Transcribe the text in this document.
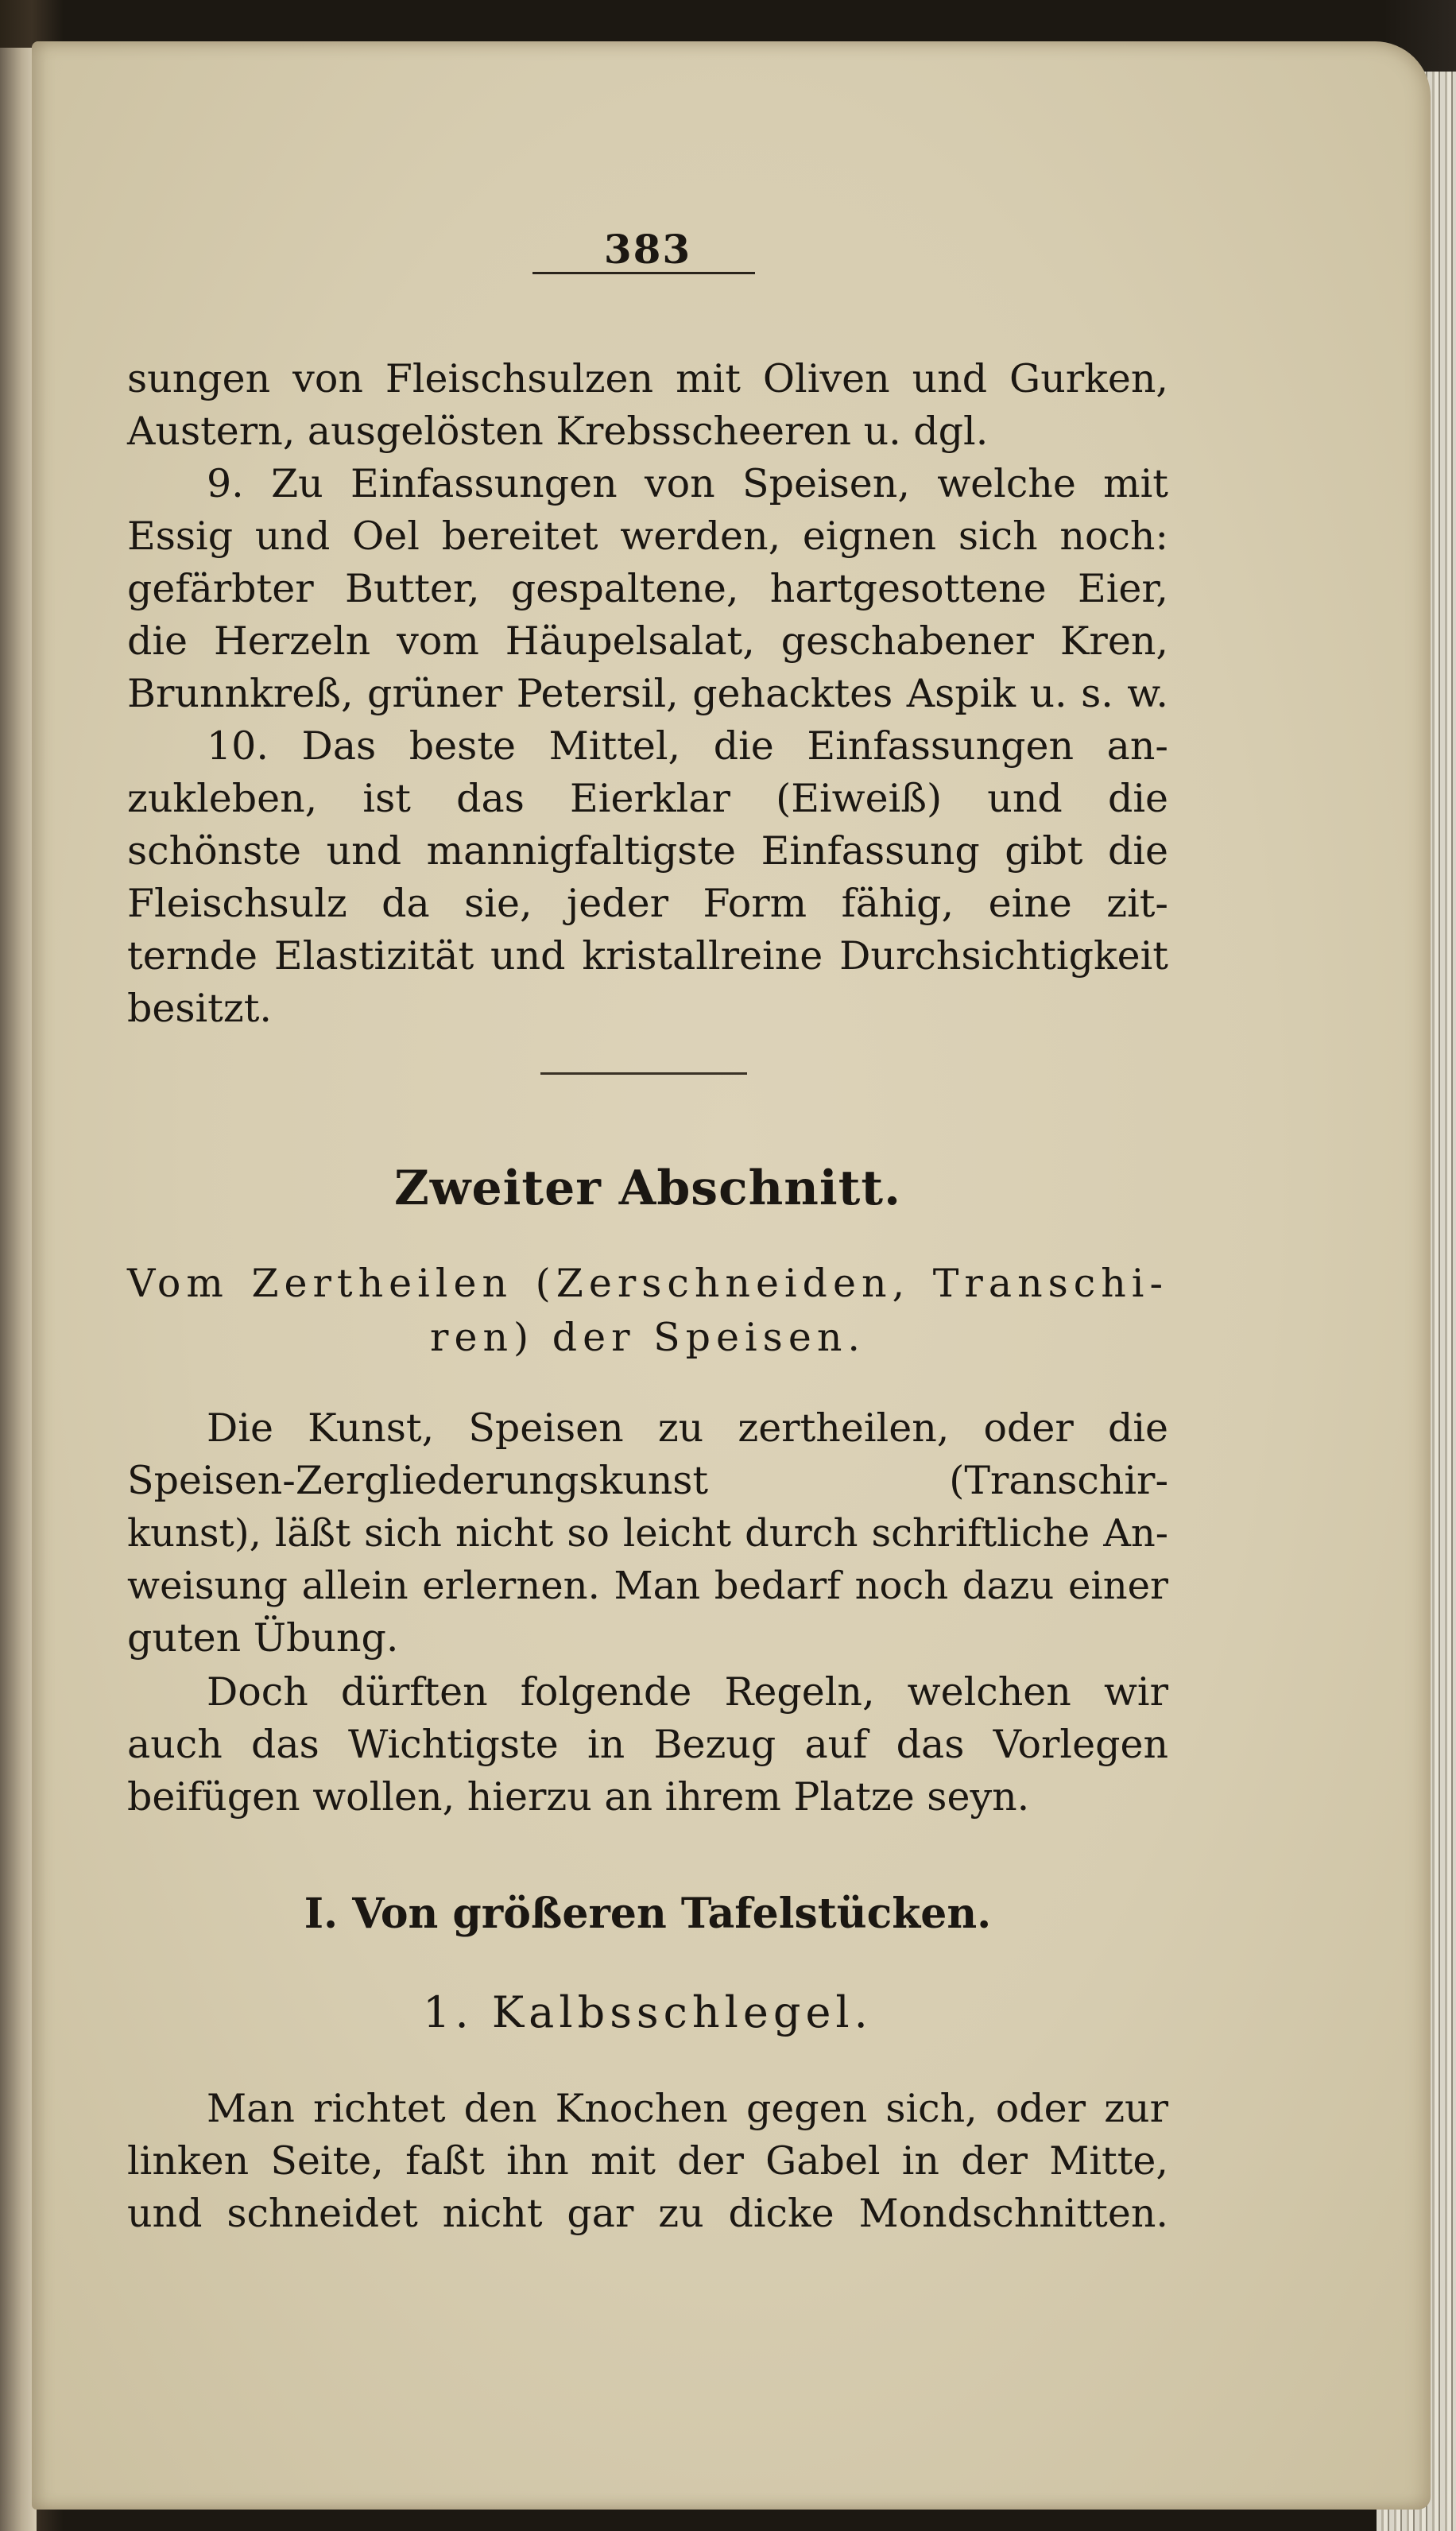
383
sungen von Fleischsulzen mit Oliven und Gurken,
Austern, ausgelösten Krebsscheeren u. dgl.
9. Zu Einfassungen von Speisen, welche mit
Essig und Oel bereitet werden, eignen sich noch:
gefärbter Butter, gespaltene, hartgesottene Eier,
die Herzeln vom Häupelsalat, geschabener Kren,
Brunnkreß, grüner Petersil, gehacktes Aspik u. s. w.
10. Das beste Mittel, die Einfassungen an-
zukleben, ist das Eierklar (Eiweiß) und die
schönste und mannigfaltigste Einfassung gibt die
Fleischsulz da sie, jeder Form fähig, eine zit-
ternde Elastizität und kristallreine Durchsichtigkeit
besitzt.
Zweiter Abschnitt.
Vom Zertheilen (Zerschneiden, Transchi-
ren) der Speisen.
Die Kunst, Speisen zu zertheilen, oder die
Speisen-Zergliederungskunst (Transchir-
kunst), läßt sich nicht so leicht durch schriftliche An-
weisung allein erlernen. Man bedarf noch dazu einer
guten Übung.
Doch dürften folgende Regeln, welchen wir
auch das Wichtigste in Bezug auf das Vorlegen
beifügen wollen, hierzu an ihrem Platze seyn.
I. Von größeren Tafelstücken.
1. Kalbsschlegel.
Man richtet den Knochen gegen sich, oder zur
linken Seite, faßt ihn mit der Gabel in der Mitte,
und schneidet nicht gar zu dicke Mondschnitten.
